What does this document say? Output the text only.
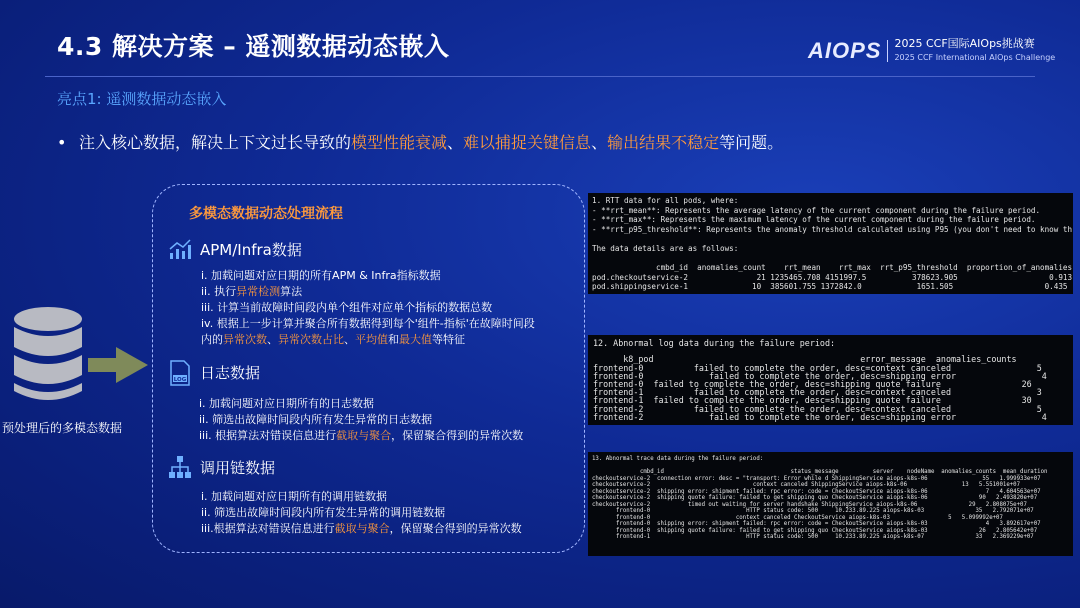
4.3 解决方案 – 遥测数据动态嵌入	AIOPS 2025 CCF国际AIOps挑战赛
2025 CCF International AIOps Challenge
亮点1: 遥测数据动态嵌入
• 注入核心数据，解决上下文过长导致的模型性能衰减、难以捕捉关键信息、输出结果不稳定等问题。
预处理后的多模态数据
多模态数据动态处理流程
APM/Infra数据
i. 加载问题对应日期的所有APM & Infra指标数据
ii. 执行异常检测算法
iii. 计算当前故障时间段内单个组件对应单个指标的数据总数
iv. 根据上一步计算并聚合所有数据得到每个'组件-指标'在故障时间段
内的异常次数、异常次数占比、平均值和最大值等特征
LOG 日志数据
i. 加载问题对应日期所有的日志数据
ii. 筛选出故障时间段内所有发生异常的日志数据
iii. 根据算法对错误信息进行截取与聚合，保留聚合得到的异常次数
调用链数据
i. 加载问题对应日期所有的调用链数据
ii. 筛选出故障时间段内所有发生异常的调用链数据
iii.根据算法对错误信息进行截取与聚合，保留聚合得到的异常次数
1. RTT data for all pods, where:
- **rrt_mean**: Represents the average latency of the current component during the failure period.
- **rrt_max**: Represents the maximum latency of the current component during the failure period.
- **rrt_p95_threshold**: Represents the anomaly threshold calculated using P95 (you don't need to know th

The data details are as follows:

cmbd_id  anomalies_count    rrt_mean    rrt_max  rrt_p95_threshold  proportion_of_anomalies
pod.checkoutservice-2               21 1235465.708 4151997.5          378623.905                    0.913
pod.shippingservice-1              10  385601.755 1372842.0            1651.505                    0.435
12. Abnormal log data during the failure period:

k8_pod                                         error_message  anomalies_counts
frontend-0          failed to complete the order, desc=context canceled                 5
frontend-0             failed to complete the order, desc=shipping error                 4
frontend-0  failed to complete the order, desc=shipping quote failure                26
frontend-1          failed to complete the order, desc=context canceled                 3
frontend-1  failed to complete the order, desc=shipping quote failure                30
frontend-2          failed to complete the order, desc=context canceled                 5
frontend-2             failed to complete the order, desc=shipping error                 4
13. Abnormal trace data during the failure period:

cmbd_id                                     status_message          server    nodeName  anomalies_counts  mean_duration
checkoutservice-2  connection error: desc = "transport: Error while d ShippingService aiops-k8s-06                55   1.999933e+07
checkoutservice-2                              context canceled ShippingService aiops-k8s-06                13   5.551001e+07
checkoutservice-2  shipping error: shipment failed: rpc error: code = CheckoutService aiops-k8s-06                 7   4.604563e+07
checkoutservice-2  shipping quote failure: failed to get shipping quo CheckoutService aiops-k8s-06               90   2.493820e+07
checkoutservice-2           timed out waiting for server handshake ShippingService aiops-k8s-06               29   2.808075e+07
frontend-0                            HTTP status code: 500     10.233.89.225 aiops-k8s-03               35   2.792071e+07
frontend-0                         context canceled CheckoutService aiops-k8s-03                 5   5.099992e+07
frontend-0  shipping error: shipment failed: rpc error: code = CheckoutService aiops-k8s-03                 4   3.892617e+07
frontend-0  shipping quote failure: failed to get shipping quo CheckoutService aiops-k8s-03               26   2.805642e+07
frontend-1                            HTTP status code: 500     10.233.89.225 aiops-k8s-07               33   2.369229e+07
